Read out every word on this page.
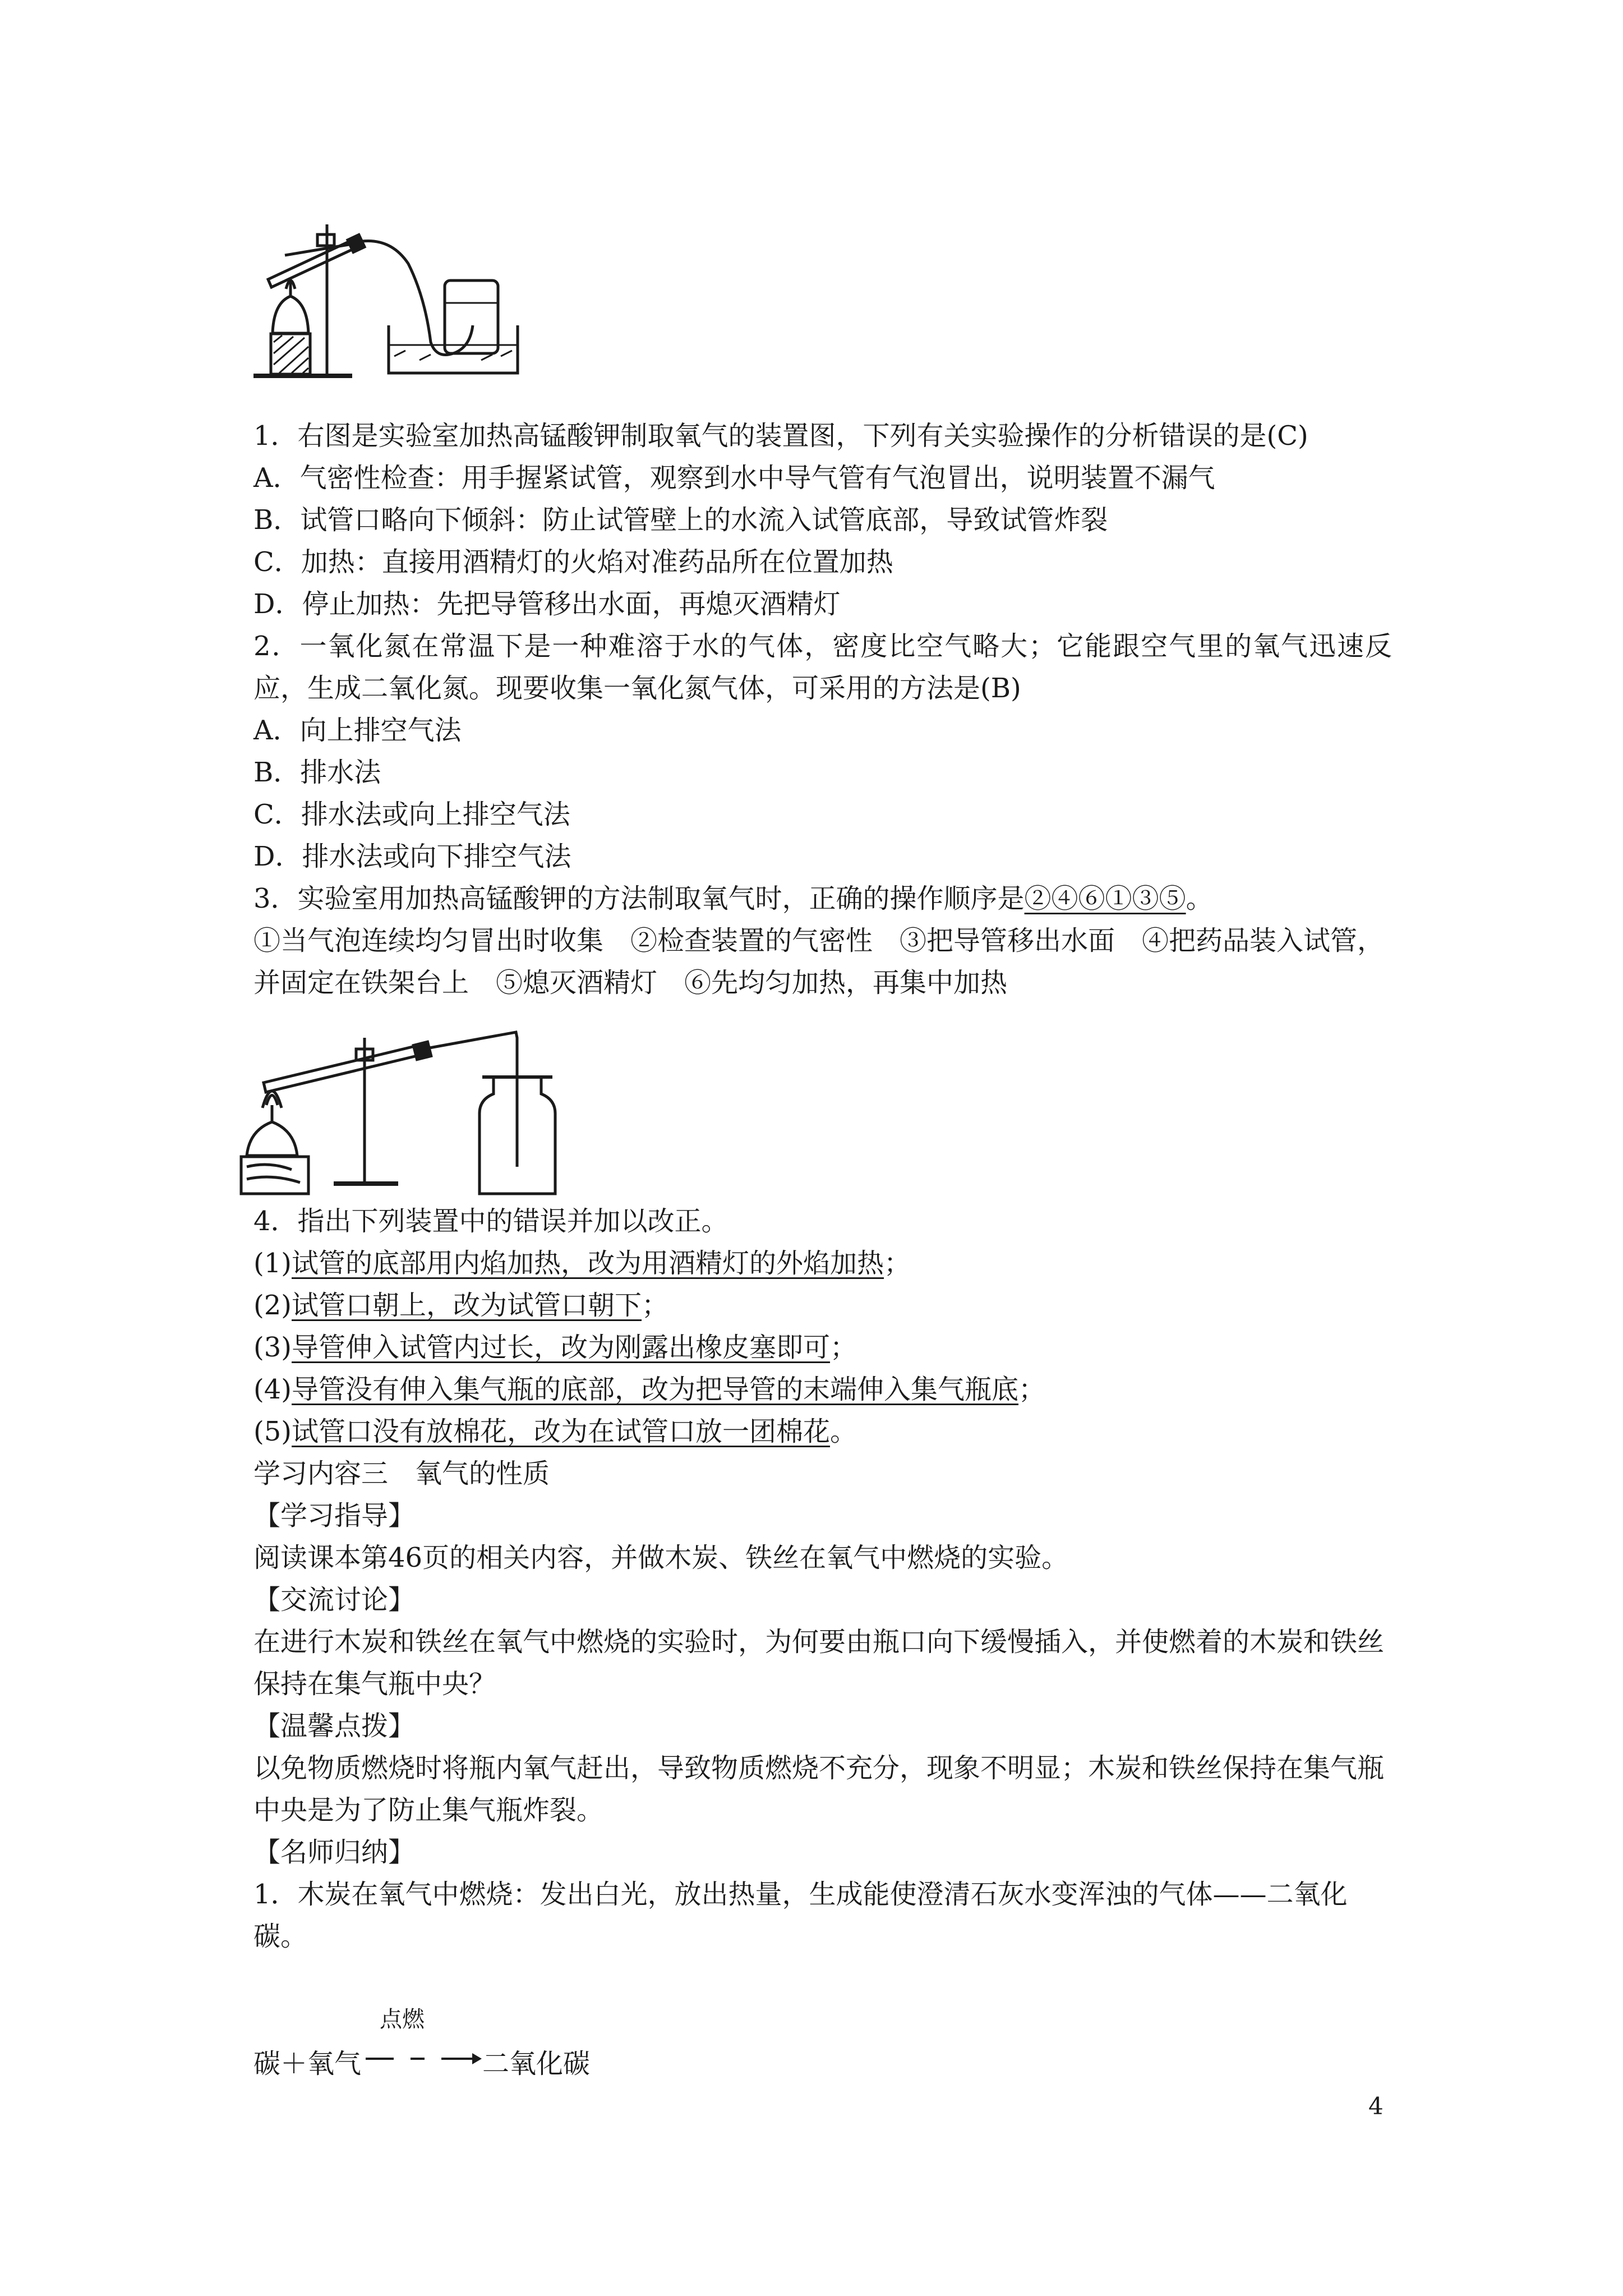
1．右图是实验室加热高锰酸钾制取氧气的装置图，下列有关实验操作的分析错误的是(C)

A．气密性检查：用手握紧试管，观察到水中导气管有气泡冒出，说明装置不漏气

B．试管口略向下倾斜：防止试管壁上的水流入试管底部，导致试管炸裂

C．加热：直接用酒精灯的火焰对准药品所在位置加热

D．停止加热：先把导管移出水面，再熄灭酒精灯

2．一氧化氮在常温下是一种难溶于水的气体，密度比空气略大；它能跟空气里的氧气迅速反应，生成二氧化氮。现要收集一氧化氮气体，可采用的方法是(B)

A．向上排空气法

B．排水法

C．排水法或向上排空气法

D．排水法或向下排空气法

3．实验室用加热高锰酸钾的方法制取氧气时，正确的操作顺序是②④⑥①③⑤。

①当气泡连续均匀冒出时收集　②检查装置的气密性　③把导管移出水面　④把药品装入试管，并固定在铁架台上　⑤熄灭酒精灯　⑥先均匀加热，再集中加热

4．指出下列装置中的错误并加以改正。

(1)试管的底部用内焰加热，改为用酒精灯的外焰加热；

(2)试管口朝上，改为试管口朝下；

(3)导管伸入试管内过长，改为刚露出橡皮塞即可；

(4)导管没有伸入集气瓶的底部，改为把导管的末端伸入集气瓶底；

(5)试管口没有放棉花，改为在试管口放一团棉花。

学习内容三　氧气的性质

【学习指导】

阅读课本第46页的相关内容，并做木炭、铁丝在氧气中燃烧的实验。

【交流讨论】

在进行木炭和铁丝在氧气中燃烧的实验时，为何要由瓶口向下缓慢插入，并使燃着的木炭和铁丝保持在集气瓶中央？

【温馨点拨】

以免物质燃烧时将瓶内氧气赶出，导致物质燃烧不充分，现象不明显；木炭和铁丝保持在集气瓶中央是为了防止集气瓶炸裂。

【名师归纳】

1．木炭在氧气中燃烧：发出白光，放出热量，生成能使澄清石灰水变浑浊的气体——二氧化碳。

碳＋氧气
点燃
二氧化碳
4
